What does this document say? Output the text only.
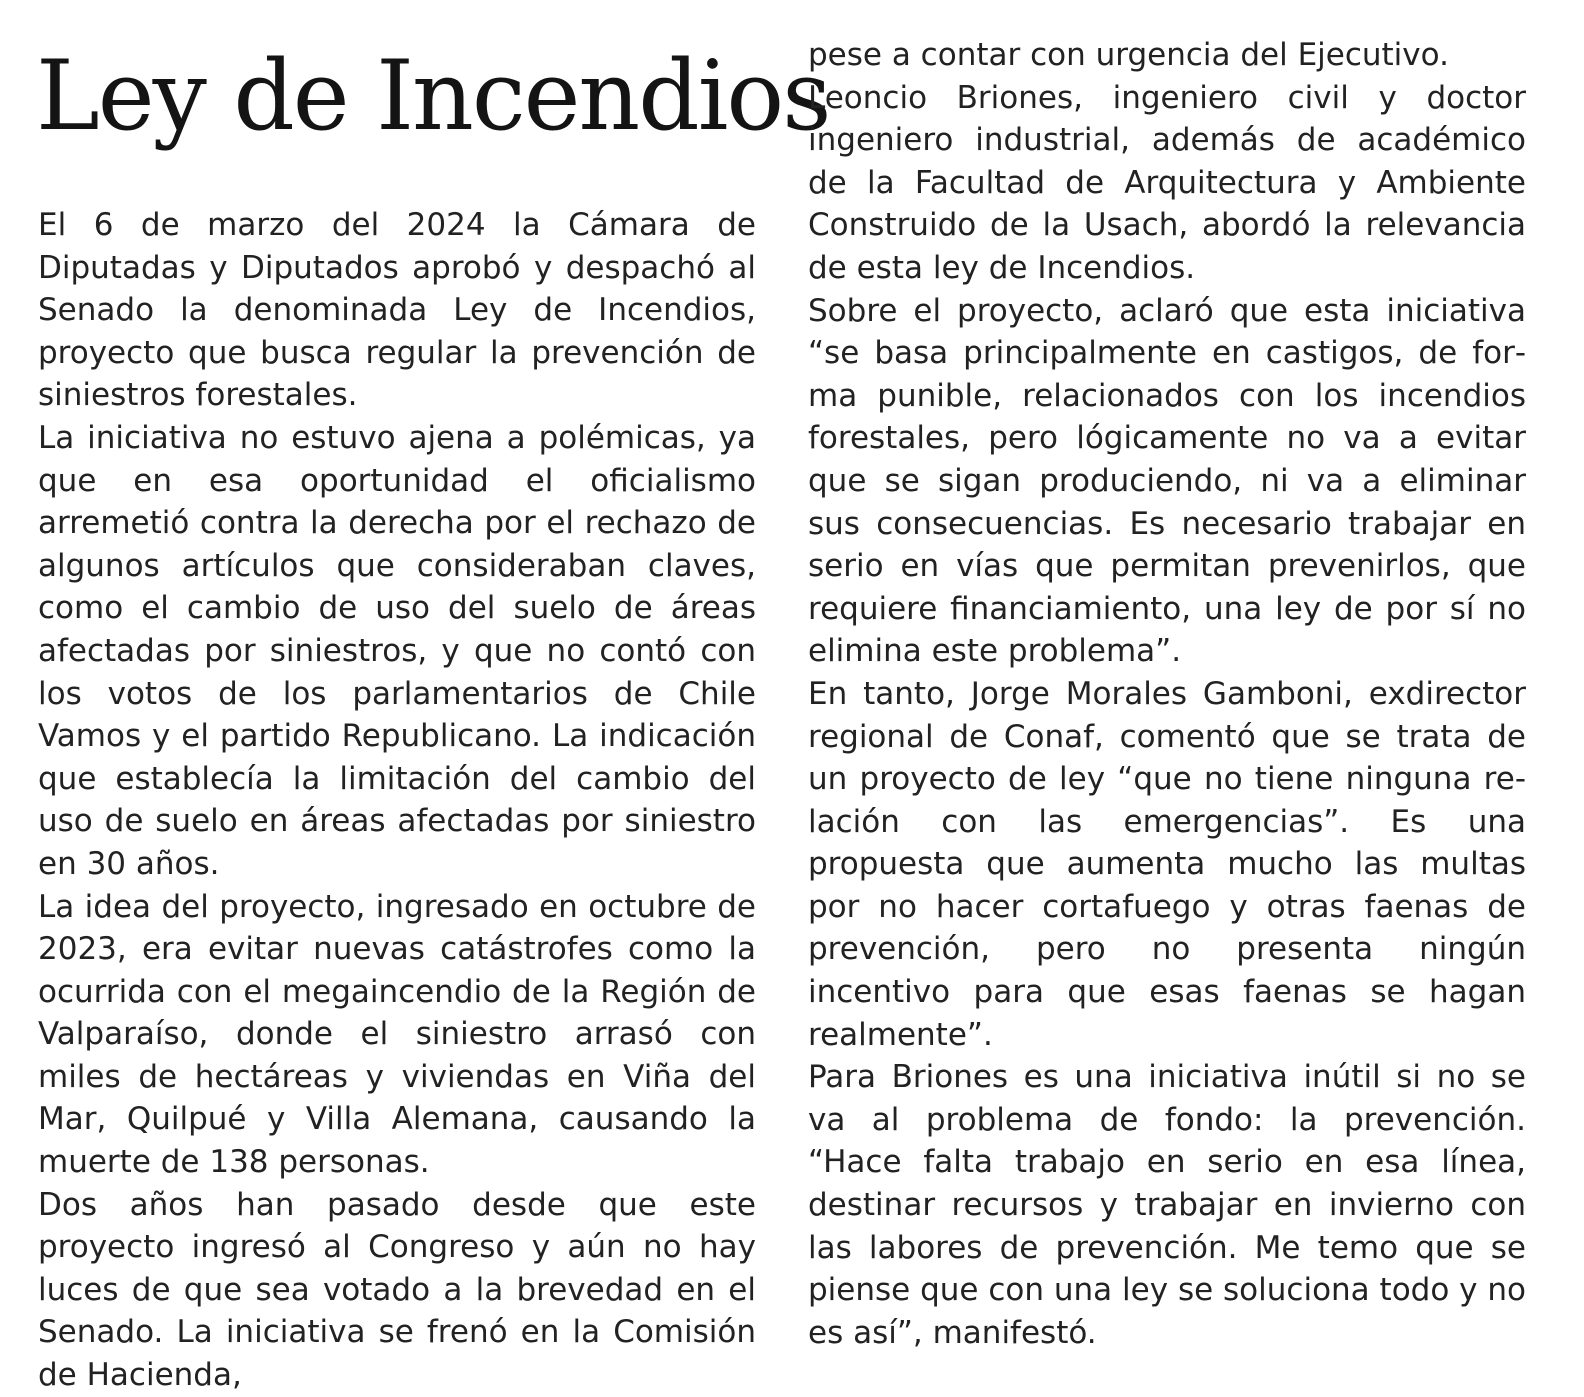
Ley de Incendios

El 6 de marzo del 2024 la Cámara de Diputadas y Diputados aprobó y despachó al Senado la denominada Ley de Incendios, proyecto que busca regular la prevención de siniestros forestales.

La iniciativa no estuvo ajena a polémicas, ya que en esa oportunidad el oficialismo arremetió contra la derecha por el rechazo de algunos artículos que consideraban claves, como el cambio de uso del suelo de áreas afectadas por siniestros, y que no contó con los votos de los parlamentarios de Chile Vamos y el partido Republicano. La indicación que establecía la limitación del cambio del uso de suelo en áreas afectadas por siniestro en 30 años.

La idea del proyecto, ingresado en octubre de 2023, era evitar nuevas catástrofes como la ocurrida con el megaincendio de la Región de Valparaíso, donde el siniestro arrasó con miles de hectáreas y viviendas en Viña del Mar, Quilpué y Villa Alemana, causando la muerte de 138 personas.

Dos años han pasado desde que este proyecto ingresó al Congreso y aún no hay luces de que sea votado a la brevedad en el Senado. La iniciativa se frenó en la Comisión de Hacienda,

pese a contar con urgencia del Ejecutivo.

Leoncio Briones, ingeniero civil y doctor ingeniero industrial, además de académico de la Facultad de Arquitectura y Ambiente Construido de la Usach, abordó la relevancia de esta ley de Incendios.

Sobre el proyecto, aclaró que esta iniciativa “se basa principalmente en castigos, de forma punible, relacionados con los incendios forestales, pero lógicamente no va a evitar que se sigan produciendo, ni va a eliminar sus consecuencias. Es necesario trabajar en serio en vías que permitan prevenirlos, que requiere financiamiento, una ley de por sí no elimina este problema”.

En tanto, Jorge Morales Gamboni, exdirector regional de Conaf, comentó que se trata de un proyecto de ley “que no tiene ninguna relación con las emergencias”. Es una propuesta que aumenta mucho las multas por no hacer cortafuego y otras faenas de prevención, pero no presenta ningún incentivo para que esas faenas se hagan realmente”.

Para Briones es una iniciativa inútil si no se va al problema de fondo: la prevención. “Hace falta trabajo en serio en esa línea, destinar recursos y trabajar en invierno con las labores de prevención. Me temo que se piense que con una ley se soluciona todo y no es así”, manifestó.
